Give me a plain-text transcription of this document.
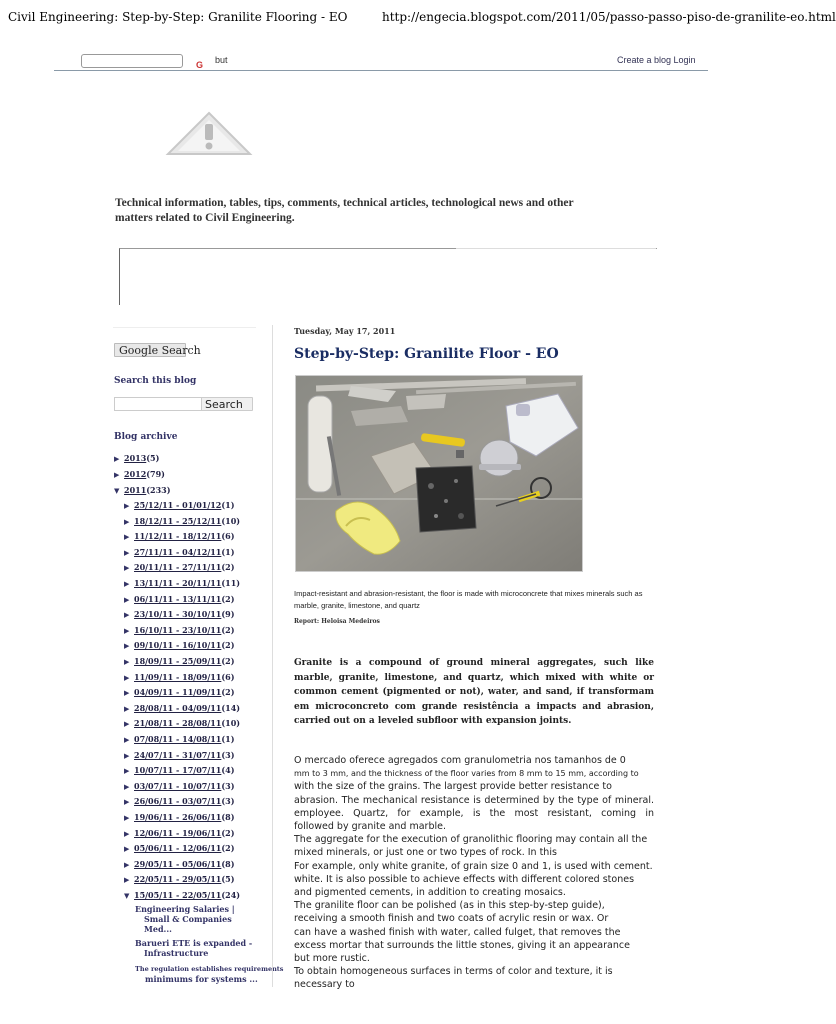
Civil Engineering: Step-by-Step: Granilite Flooring - EO	http://engecia.blogspot.com/2011/05/passo-passo-piso-de-granilite-eo.html
G but	Create a blog Login
Technical information, tables, tips, comments, technical articles, technological news and other matters related to Civil Engineering.
Google Search
Search this blog
Search
Blog archive
▶ 2013(5)
▶ 2012(79)
▼ 2011(233)
▶ 25/12/11 - 01/01/12(1)
▶ 18/12/11 - 25/12/11(10)
▶ 11/12/11 - 18/12/11(6)
▶ 27/11/11 - 04/12/11(1)
▶ 20/11/11 - 27/11/11(2)
▶ 13/11/11 - 20/11/11(11)
▶ 06/11/11 - 13/11/11(2)
▶ 23/10/11 - 30/10/11(9)
▶ 16/10/11 - 23/10/11(2)
▶ 09/10/11 - 16/10/11(2)
▶ 18/09/11 - 25/09/11(2)
▶ 11/09/11 - 18/09/11(6)
▶ 04/09/11 - 11/09/11(2)
▶ 28/08/11 - 04/09/11(14)
▶ 21/08/11 - 28/08/11(10)
▶ 07/08/11 - 14/08/11(1)
▶ 24/07/11 - 31/07/11(3)
▶ 10/07/11 - 17/07/11(4)
▶ 03/07/11 - 10/07/11(3)
▶ 26/06/11 - 03/07/11(3)
▶ 19/06/11 - 26/06/11(8)
▶ 12/06/11 - 19/06/11(2)
▶ 05/06/11 - 12/06/11(2)
▶ 29/05/11 - 05/06/11(8)
▶ 22/05/11 - 29/05/11(5)
▼ 15/05/11 - 22/05/11(24)
Engineering Salaries |
Small & Companies
Med...
Barueri ETE is expanded -
Infrastructure
The regulation establishes requirements
minimums for systems ...
Tuesday, May 17, 2011
Step-by-Step: Granilite Floor - EO
Impact-resistant and abrasion-resistant, the floor is made with microconcrete that mixes minerals such as marble, granite, limestone, and quartz
Report: Heloisa Medeiros
Granite is a compound of ground mineral aggregates, such like marble, granite, limestone, and quartz, which mixed with white or common cement (pigmented or not), water, and sand, if transformam em microconcreto com grande resistência a impacts and abrasion, carried out on a leveled subfloor with expansion joints.

O mercado oferece agregados com granulometria nos tamanhos de 0

mm to 3 mm, and the thickness of the floor varies from 8 mm to 15 mm, according to

with the size of the grains. The largest provide better resistance to

abrasion. The mechanical resistance is determined by the type of mineral.

employee. Quartz, for example, is the most resistant, coming in

followed by granite and marble.

The aggregate for the execution of granolithic flooring may contain all the

mixed minerals, or just one or two types of rock. In this

For example, only white granite, of grain size 0 and 1, is used with cement.

white. It is also possible to achieve effects with different colored stones

and pigmented cements, in addition to creating mosaics.

The granilite floor can be polished (as in this step-by-step guide),

receiving a smooth finish and two coats of acrylic resin or wax. Or

can have a washed finish with water, called fulget, that removes the

excess mortar that surrounds the little stones, giving it an appearance

but more rustic.

To obtain homogeneous surfaces in terms of color and texture, it is necessary to
